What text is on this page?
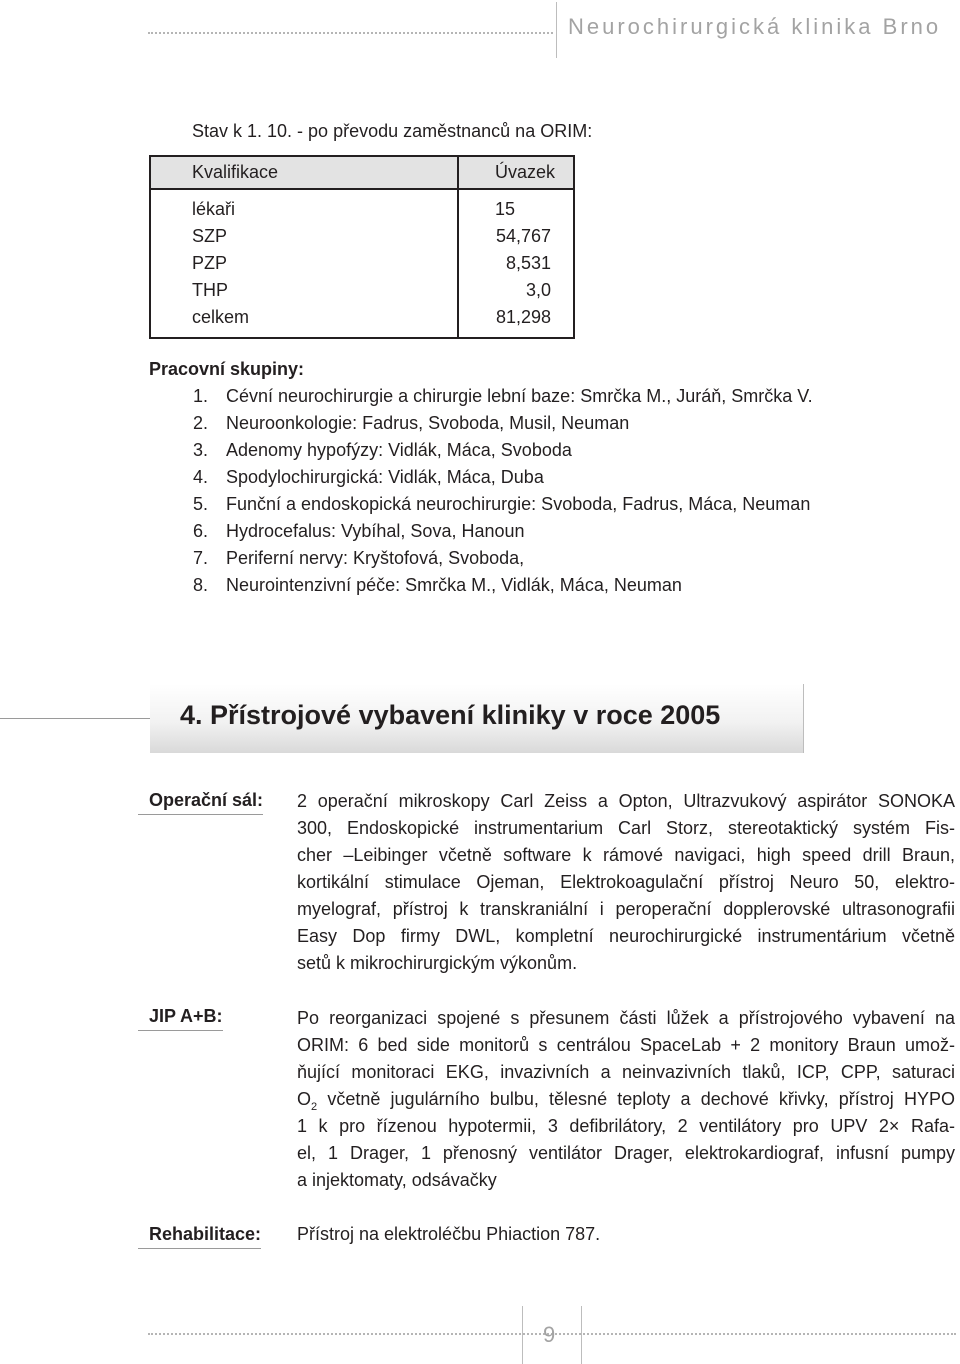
Neurochirurgická klinika Brno
Stav k 1. 10. - po převodu zaměstnanců na ORIM:
Kvalifikace	Úvazek
lékaři	15
SZP	54,767
PZP	8,531
THP	3,0
celkem	81,298
Pracovní skupiny:
1. Cévní neurochirurgie a chirurgie lební baze: Smrčka M., Juráň, Smrčka V.
2. Neuroonkologie: Fadrus, Svoboda, Musil, Neuman
3. Adenomy hypofýzy: Vidlák, Máca, Svoboda
4. Spodylochirurgická: Vidlák, Máca, Duba
5. Funční a endoskopická neurochirurgie: Svoboda, Fadrus, Máca, Neuman
6. Hydrocefalus: Vybíhal, Sova, Hanoun
7. Periferní nervy: Kryštofová, Svoboda,
8. Neurointenzivní péče: Smrčka M., Vidlák, Máca, Neuman
4. Přístrojové vybavení kliniky v roce 2005
Operační sál: 2 operační mikroskopy Carl Zeiss a Opton, Ultrazvukový aspirátor SONOKA
300, Endoskopické instrumentarium Carl Storz, stereotaktický systém Fis-
cher –Leibinger včetně software k rámové navigaci, high speed drill Braun,
kortikální stimulace Ojeman, Elektrokoagulační přístroj Neuro 50, elektro-
myelograf, přístroj k transkraniální i peroperační dopplerovské ultrasonografii
Easy Dop firmy DWL, kompletní neurochirurgické instrumentárium včetně
setů k mikrochirurgickým výkonům.
JIP A+B:	Po reorganizaci spojené s přesunem části lůžek a přístrojového vybavení na
ORIM: 6 bed side monitorů s centrálou SpaceLab + 2 monitory Braun umož-
ňující monitoraci EKG, invazivních a neinvazivních tlaků, ICP, CPP, saturaci
$O_2$ včetně jugulárního bulbu, tělesné teploty a dechové křivky, přístroj HYPO
1 k pro řízenou hypotermii, 3 defibrilátory, 2 ventilátory pro UPV 2× Rafa-
el, 1 Drager, 1 přenosný ventilátor Drager, elektrokardiograf, infusní pumpy
a injektomaty, odsávačky
Rehabilitace: Přístroj na elektroléčbu Phiaction 787.
9
